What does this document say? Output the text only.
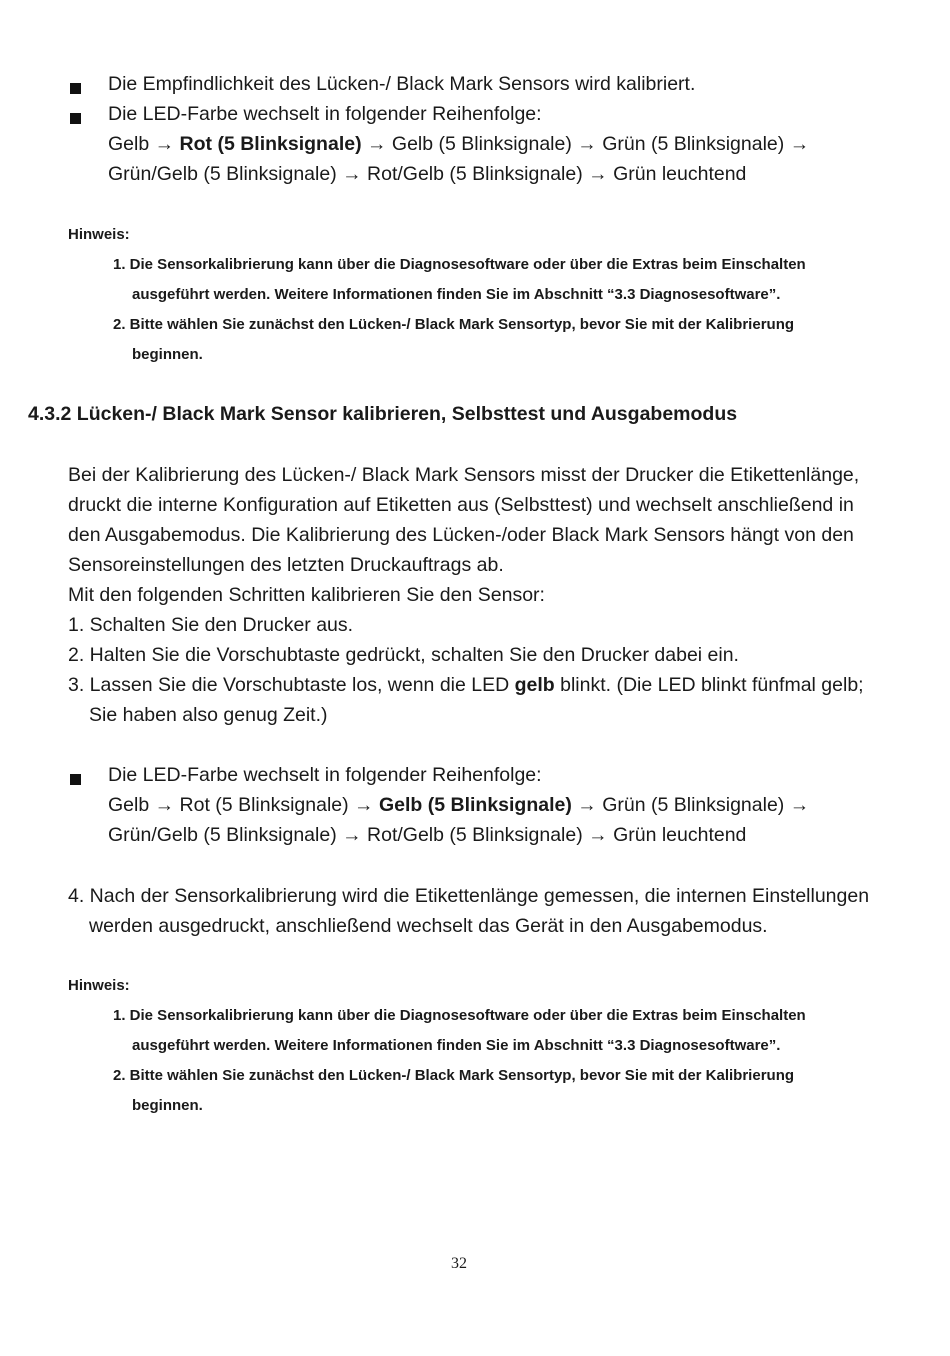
Die Empfindlichkeit des Lücken-/ Black Mark Sensors wird kalibriert.
Die LED-Farbe wechselt in folgender Reihenfolge:
Gelb → Rot (5 Blinksignale) → Gelb (5 Blinksignale) → Grün (5 Blinksignale) →
Grün/Gelb (5 Blinksignale) → Rot/Gelb (5 Blinksignale) → Grün leuchtend
Hinweis:
1. Die Sensorkalibrierung kann über die Diagnosesoftware oder über die Extras beim Einschalten
ausgeführt werden. Weitere Informationen finden Sie im Abschnitt “3.3 Diagnosesoftware”.
2. Bitte wählen Sie zunächst den Lücken-/ Black Mark Sensortyp, bevor Sie mit der Kalibrierung
beginnen.
4.3.2 Lücken-/ Black Mark Sensor kalibrieren, Selbsttest und Ausgabemodus
Bei der Kalibrierung des Lücken-/ Black Mark Sensors misst der Drucker die Etikettenlänge,
druckt die interne Konfiguration auf Etiketten aus (Selbsttest) und wechselt anschließend in
den Ausgabemodus. Die Kalibrierung des Lücken-/oder Black Mark Sensors hängt von den
Sensoreinstellungen des letzten Druckauftrags ab.
Mit den folgenden Schritten kalibrieren Sie den Sensor:
1. Schalten Sie den Drucker aus.
2. Halten Sie die Vorschubtaste gedrückt, schalten Sie den Drucker dabei ein.
3. Lassen Sie die Vorschubtaste los, wenn die LED gelb blinkt. (Die LED blinkt fünfmal gelb;
Sie haben also genug Zeit.)
Die LED-Farbe wechselt in folgender Reihenfolge:
Gelb → Rot (5 Blinksignale) → Gelb (5 Blinksignale) → Grün (5 Blinksignale) →
Grün/Gelb (5 Blinksignale) → Rot/Gelb (5 Blinksignale) → Grün leuchtend
4. Nach der Sensorkalibrierung wird die Etikettenlänge gemessen, die internen Einstellungen
werden ausgedruckt, anschließend wechselt das Gerät in den Ausgabemodus.
Hinweis:
1. Die Sensorkalibrierung kann über die Diagnosesoftware oder über die Extras beim Einschalten
ausgeführt werden. Weitere Informationen finden Sie im Abschnitt “3.3 Diagnosesoftware”.
2. Bitte wählen Sie zunächst den Lücken-/ Black Mark Sensortyp, bevor Sie mit der Kalibrierung
beginnen.
32
